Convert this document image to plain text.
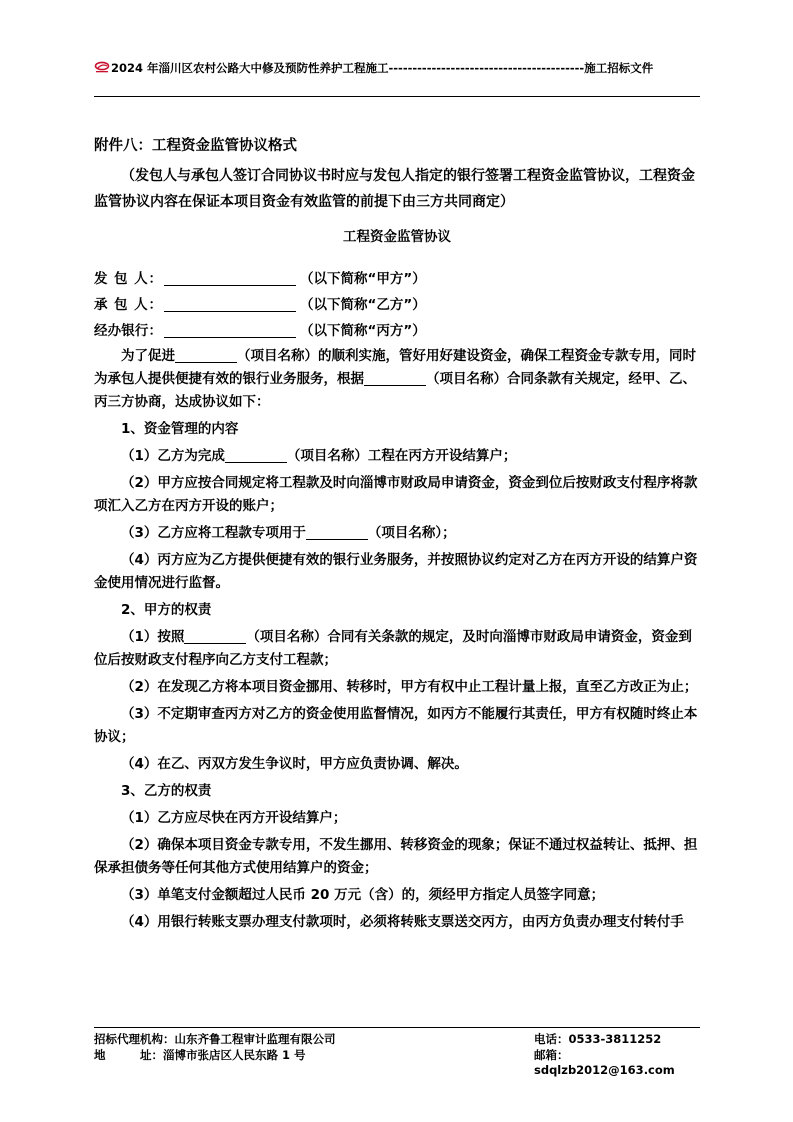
2024 年淄川区农村公路大中修及预防性养护工程施工-----------------------------------------施工招标文件
附件八：工程资金监管协议格式
（发包人与承包人签订合同协议书时应与发包人指定的银行签署工程资金监管协议，工程资金监管协议内容在保证本项目资金有效监管的前提下由三方共同商定）
工程资金监管协议
发 包 人：	（以下简称“甲方”）
承 包 人：	（以下简称“乙方”）
经办银行：	（以下简称“丙方”）
为了促进	（项目名称）的顺利实施，管好用好建设资金，确保工程资金专款专用，同时为承包人提供便捷有效的银行业务服务，根据	（项目名称）合同条款有关规定，经甲、乙、丙三方协商，达成协议如下：
1、资金管理的内容
（1）乙方为完成	（项目名称）工程在丙方开设结算户；
（2）甲方应按合同规定将工程款及时向淄博市财政局申请资金，资金到位后按财政支付程序将款项汇入乙方在丙方开设的账户；
（3）乙方应将工程款专项用于	（项目名称）；
（4）丙方应为乙方提供便捷有效的银行业务服务，并按照协议约定对乙方在丙方开设的结算户资金使用情况进行监督。
2、甲方的权责
（1）按照	（项目名称）合同有关条款的规定，及时向淄博市财政局申请资金，资金到位后按财政支付程序向乙方支付工程款；
（2）在发现乙方将本项目资金挪用、转移时，甲方有权中止工程计量上报，直至乙方改正为止；
（3）不定期审查丙方对乙方的资金使用监督情况，如丙方不能履行其责任，甲方有权随时终止本协议；
（4）在乙、丙双方发生争议时，甲方应负责协调、解决。
3、乙方的权责
（1）乙方应尽快在丙方开设结算户；
（2）确保本项目资金专款专用，不发生挪用、转移资金的现象；保证不通过权益转让、抵押、担保承担债务等任何其他方式使用结算户的资金；
（3）单笔支付金额超过人民币 20 万元（含）的，须经甲方指定人员签字同意；
（4）用银行转账支票办理支付款项时，必须将转账支票送交丙方，由丙方负责办理支付转付手
招标代理机构：山东齐鲁工程审计监理有限公司	电话：0533-3811252
地　　　址：淄博市张店区人民东路 1 号	邮箱：sdqlzb2012@163.com
